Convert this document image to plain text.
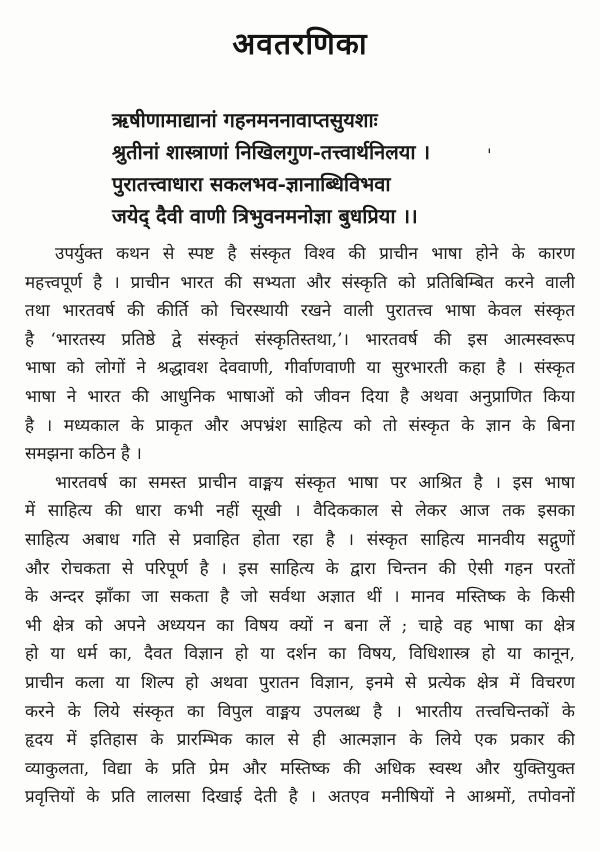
अवतरणिका
ऋषीणामाद्यानां गहनमननावाप्तसुयशाः
श्रुतीनां शास्त्राणां निखिलगुण-तत्त्वार्थनिलया ।
पुरातत्त्वाधारा सकलभव-ज्ञानाब्धिविभवा
जयेद् दैवी वाणी त्रिभुवनमनोज्ञा बुधप्रिया ।।
'
उपर्युक्त कथन से स्पष्ट है संस्कृत विश्व की प्राचीन भाषा होने के कारण
महत्त्वपूर्ण है । प्राचीन भारत की सभ्यता और संस्कृति को प्रतिबिम्बित करने वाली
तथा भारतवर्ष की कीर्ति को चिरस्थायी रखने वाली पुरातत्त्व भाषा केवल संस्कृत
है ‘भारतस्य प्रतिष्ठे द्वे संस्कृतं संस्कृतिस्तथा,’। भारतवर्ष की इस आत्मस्वरूप
भाषा को लोगों ने श्रद्धावश देववाणी, गीर्वाणवाणी या सुरभारती कहा है । संस्कृत
भाषा ने भारत की आधुनिक भाषाओं को जीवन दिया है अथवा अनुप्राणित किया
है । मध्यकाल के प्राकृत और अपभ्रंश साहित्य को तो संस्कृत के ज्ञान के बिना
समझना कठिन है ।
भारतवर्ष का समस्त प्राचीन वाङ्मय संस्कृत भाषा पर आश्रित है । इस भाषा
में साहित्य की धारा कभी नहीं सूखी । वैदिककाल से लेकर आज तक इसका
साहित्य अबाध गति से प्रवाहित होता रहा है । संस्कृत साहित्य मानवीय सद्गुणों
और रोचकता से परिपूर्ण है । इस साहित्य के द्वारा चिन्तन की ऐसी गहन परतों
के अन्दर झाँका जा सकता है जो सर्वथा अज्ञात थीं । मानव मस्तिष्क के किसी
भी क्षेत्र को अपने अध्ययन का विषय क्यों न बना लें ; चाहे वह भाषा का क्षेत्र
हो या धर्म का, दैवत विज्ञान हो या दर्शन का विषय, विधिशास्त्र हो या कानून,
प्राचीन कला या शिल्प हो अथवा पुरातन विज्ञान, इनमे से प्रत्येक क्षेत्र में विचरण
करने के लिये संस्कृत का विपुल वाङ्मय उपलब्ध है । भारतीय तत्त्वचिन्तकों के
हृदय में इतिहास के प्रारम्भिक काल से ही आत्मज्ञान के लिये एक प्रकार की
व्याकुलता, विद्या के प्रति प्रेम और मस्तिष्क की अधिक स्वस्थ और युक्तियुक्त
प्रवृत्तियों के प्रति लालसा दिखाई देती है । अतएव मनीषियों ने आश्रमों, तपोवनों
